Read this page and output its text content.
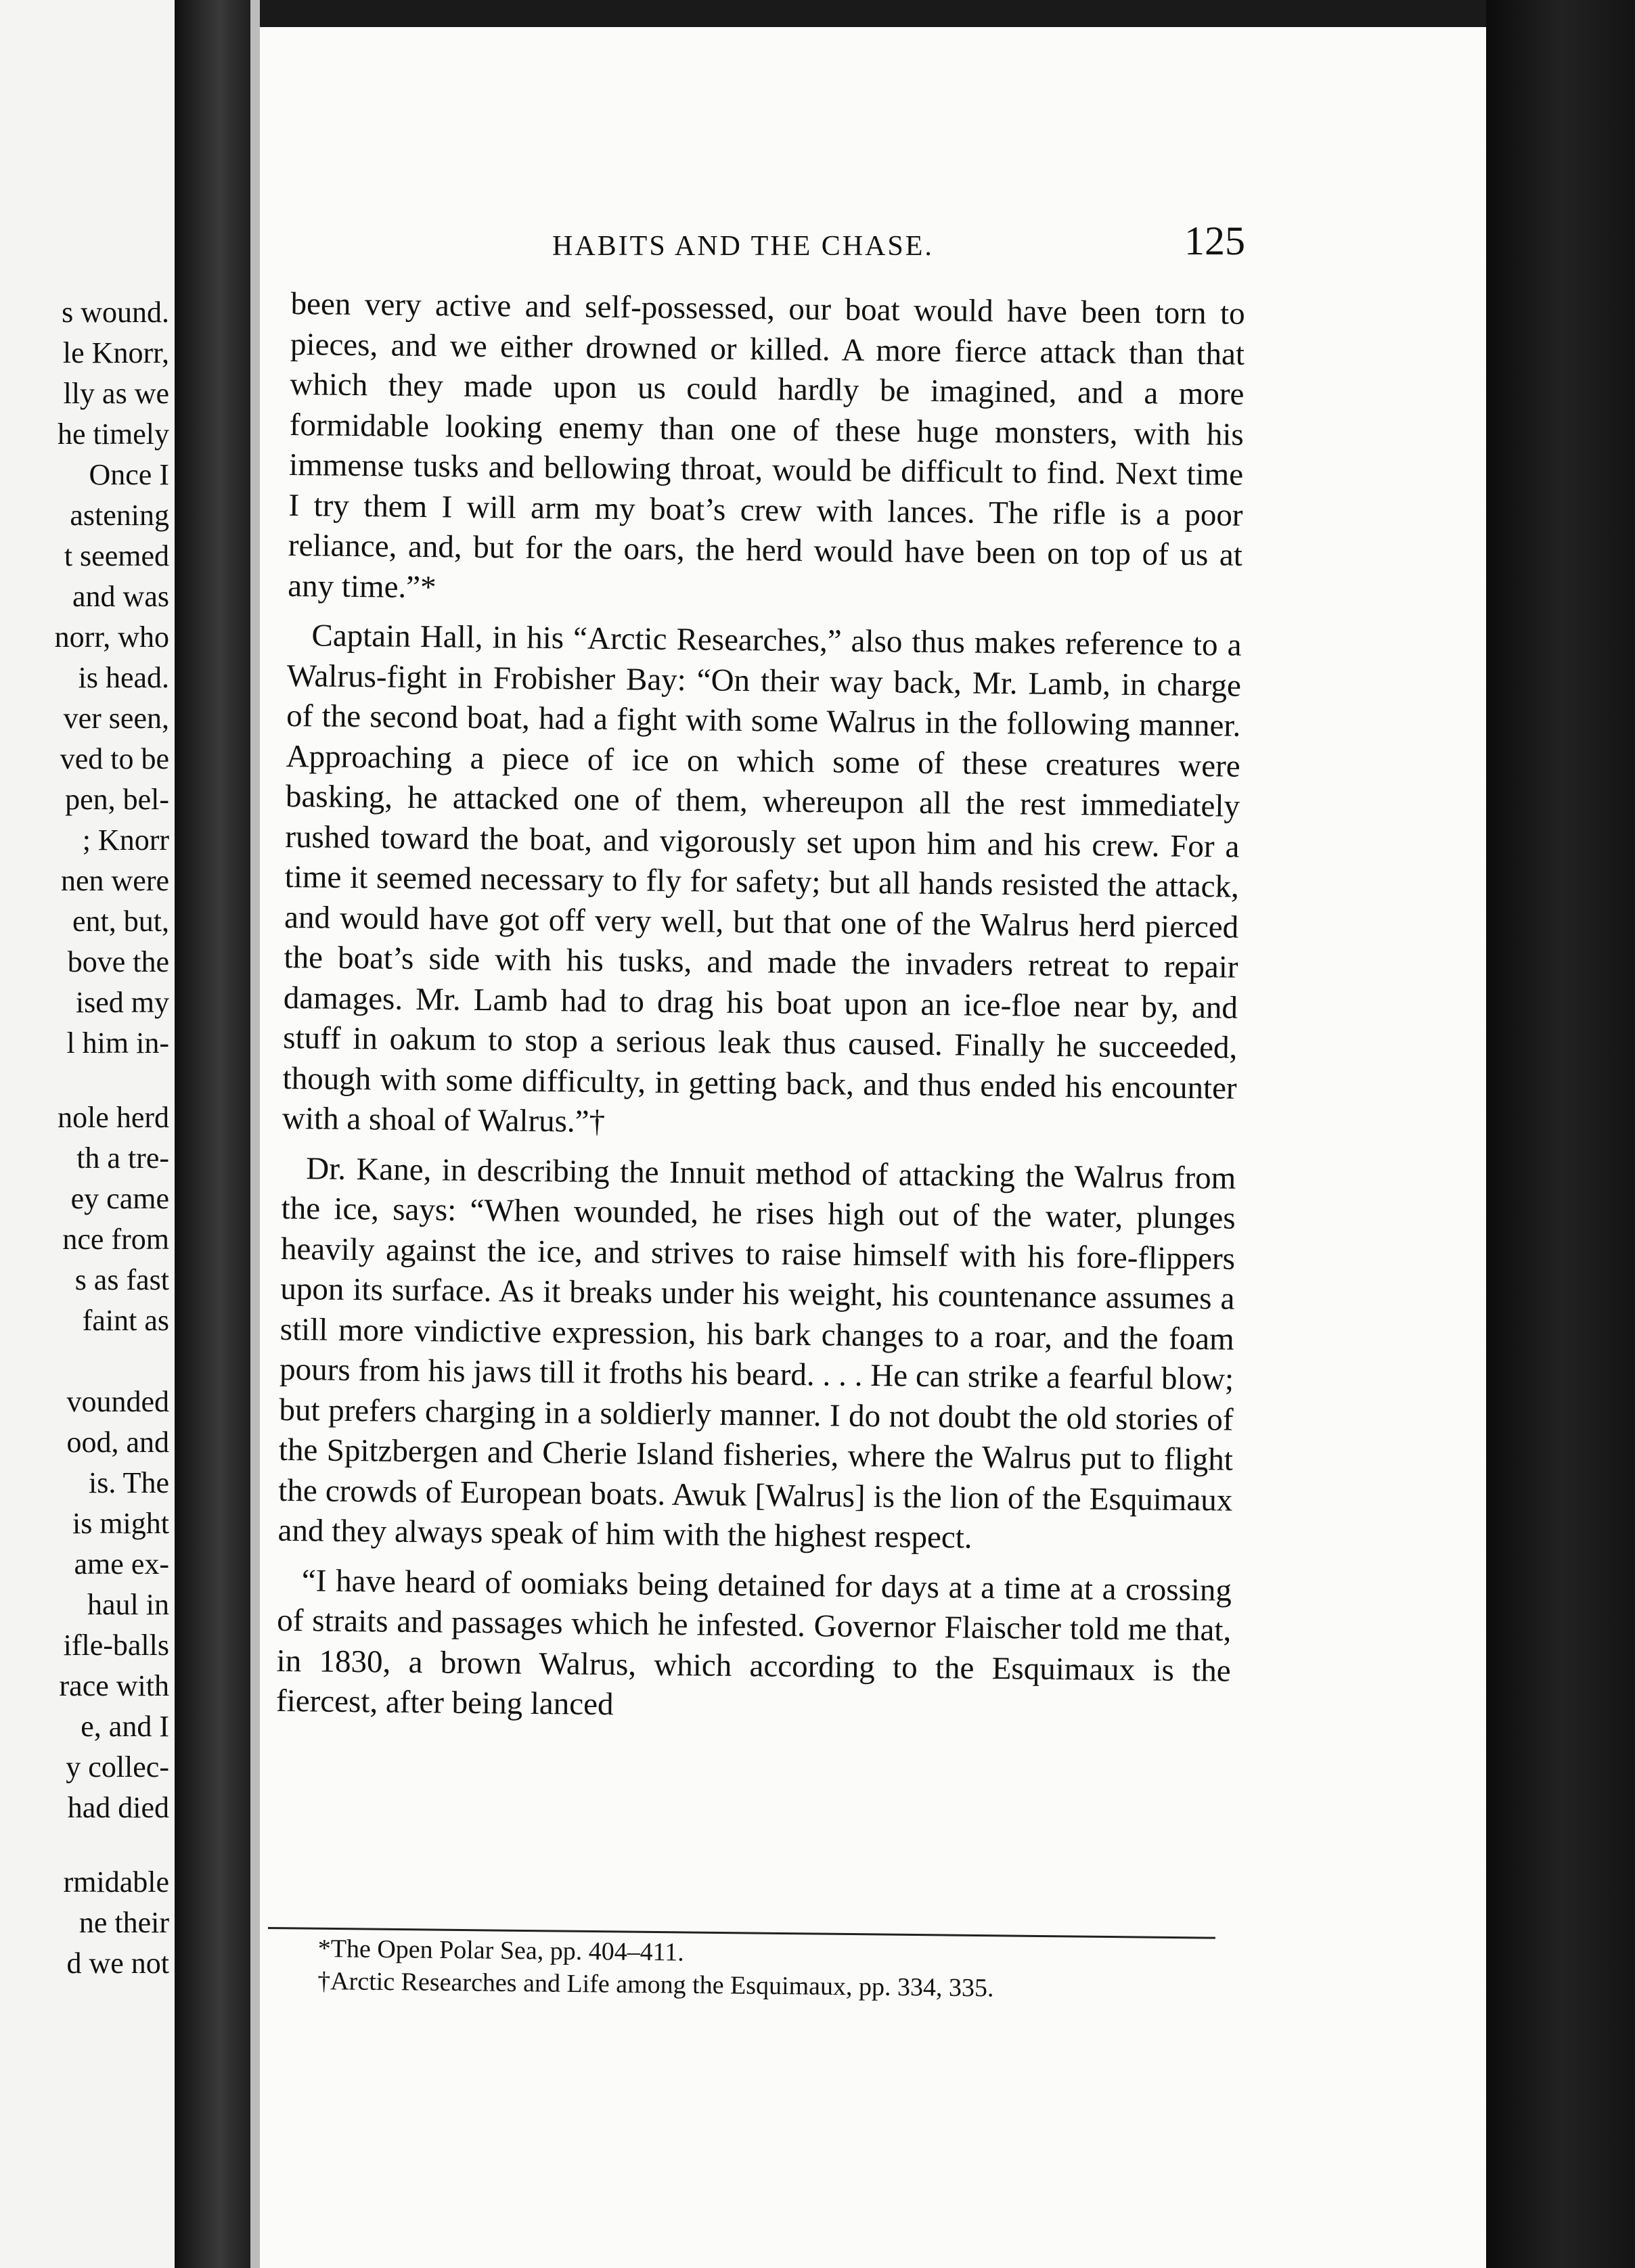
s wound.
le Knorr,
lly as we
he timely
Once I
astening
t seemed
and was
norr, who
is head.
ver seen,
ved to be
pen, bel-
; Knorr
nen were
ent, but,
bove the
ised my
l him in-
nole herd
th a tre-
ey came
nce from
s as fast
faint as
vounded
ood, and
is. The
is might
ame ex-
haul in
ifle-balls
race with
e, and I
y collec-
had died
rmidable
ne their
d we not
HABITS AND THE CHASE.	125

been very active and self-possessed, our boat would have been torn to pieces, and we either drowned or killed. A more fierce attack than that which they made upon us could hardly be imagined, and a more formidable looking enemy than one of these huge monsters, with his immense tusks and bellowing throat, would be difficult to find. Next time I try them I will arm my boat’s crew with lances. The rifle is a poor reliance, and, but for the oars, the herd would have been on top of us at any time.”*

Captain Hall, in his “Arctic Researches,” also thus makes reference to a Walrus-fight in Frobisher Bay: “On their way back, Mr. Lamb, in charge of the second boat, had a fight with some Walrus in the following manner. Approaching a piece of ice on which some of these creatures were basking, he attacked one of them, whereupon all the rest immediately rushed toward the boat, and vigorously set upon him and his crew. For a time it seemed necessary to fly for safety; but all hands resisted the attack, and would have got off very well, but that one of the Walrus herd pierced the boat’s side with his tusks, and made the invaders retreat to repair damages. Mr. Lamb had to drag his boat upon an ice-floe near by, and stuff in oakum to stop a serious leak thus caused. Finally he succeeded, though with some difficulty, in getting back, and thus ended his encounter with a shoal of Walrus.”†

Dr. Kane, in describing the Innuit method of attacking the Walrus from the ice, says: “When wounded, he rises high out of the water, plunges heavily against the ice, and strives to raise himself with his fore-flippers upon its surface. As it breaks under his weight, his countenance assumes a still more vindictive expression, his bark changes to a roar, and the foam pours from his jaws till it froths his beard. . . . He can strike a fearful blow; but prefers charging in a soldierly manner. I do not doubt the old stories of the Spitzbergen and Cherie Island fisheries, where the Walrus put to flight the crowds of European boats. Awuk [Walrus] is the lion of the Esquimaux and they always speak of him with the highest respect.

“I have heard of oomiaks being detained for days at a time at a crossing of straits and passages which he infested. Governor Flaischer told me that, in 1830, a brown Walrus, which according to the Esquimaux is the fiercest, after being lanced

*The Open Polar Sea, pp. 404–411.

†Arctic Researches and Life among the Esquimaux, pp. 334, 335.
